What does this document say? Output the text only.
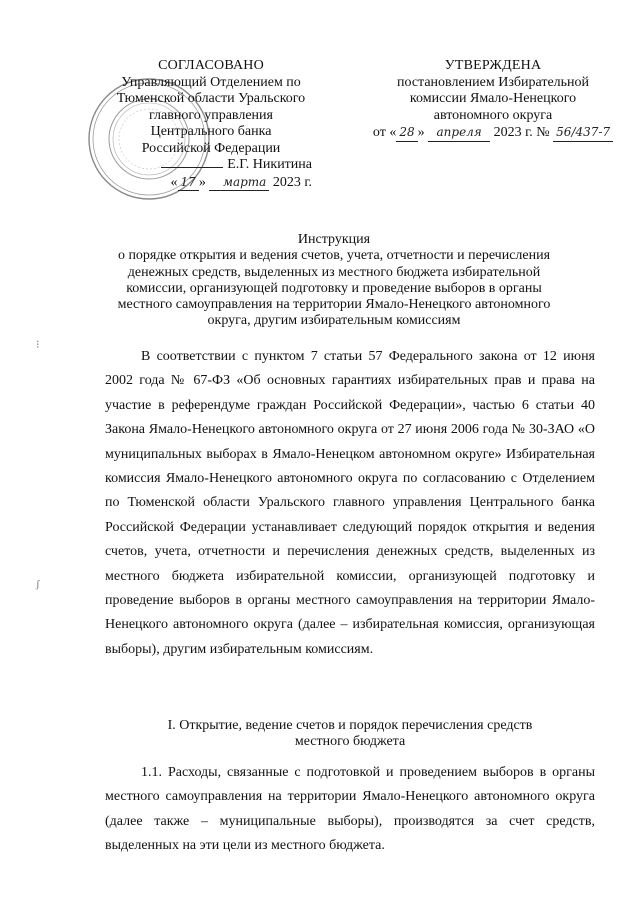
СОГЛАСОВАНО
Управляющий Отделением по
Тюменской области Уральского
главного управления
Центрального банка
Российской Федерации
Е.Г. Никитина
« 17 » марта 2023 г.
УТВЕРЖДЕНА
постановлением Избирательной
комиссии Ямало-Ненецкого
автономного округа
от « 28 » апреля 2023 г. № 56/437-7
Инструкция
о порядке открытия и ведения счетов, учета, отчетности и перечисления
денежных средств, выделенных из местного бюджета избирательной
комиссии, организующей подготовку и проведение выборов в органы
местного самоуправления на территории Ямало-Ненецкого автономного
округа, другим избирательным комиссиям
⁝
ʃ
В соответствии с пунктом 7 статьи 57 Федерального закона от 12 июня 2002 года № 67-ФЗ «Об основных гарантиях избирательных прав и права на участие в референдуме граждан Российской Федерации», частью 6 статьи 40 Закона Ямало-Ненецкого автономного округа от 27 июня 2006 года № 30-ЗАО «О муниципальных выборах в Ямало-Ненецком автономном округе» Избирательная комиссия Ямало-Ненецкого автономного округа по согласованию с Отделением по Тюменской области Уральского главного управления Центрального банка Российской Федерации устанавливает следующий порядок открытия и ведения счетов, учета, отчетности и перечисления денежных средств, выделенных из местного бюджета избирательной комиссии, организующей подготовку и проведение выборов в органы местного самоуправления на территории Ямало-Ненецкого автономного округа (далее – избирательная комиссия, организующая выборы), другим избирательным комиссиям.
I. Открытие, ведение счетов и порядок перечисления средств
местного бюджета
1.1. Расходы, связанные с подготовкой и проведением выборов в органы местного самоуправления на территории Ямало-Ненецкого автономного округа (далее также – муниципальные выборы), производятся за счет средств, выделенных на эти цели из местного бюджета.
